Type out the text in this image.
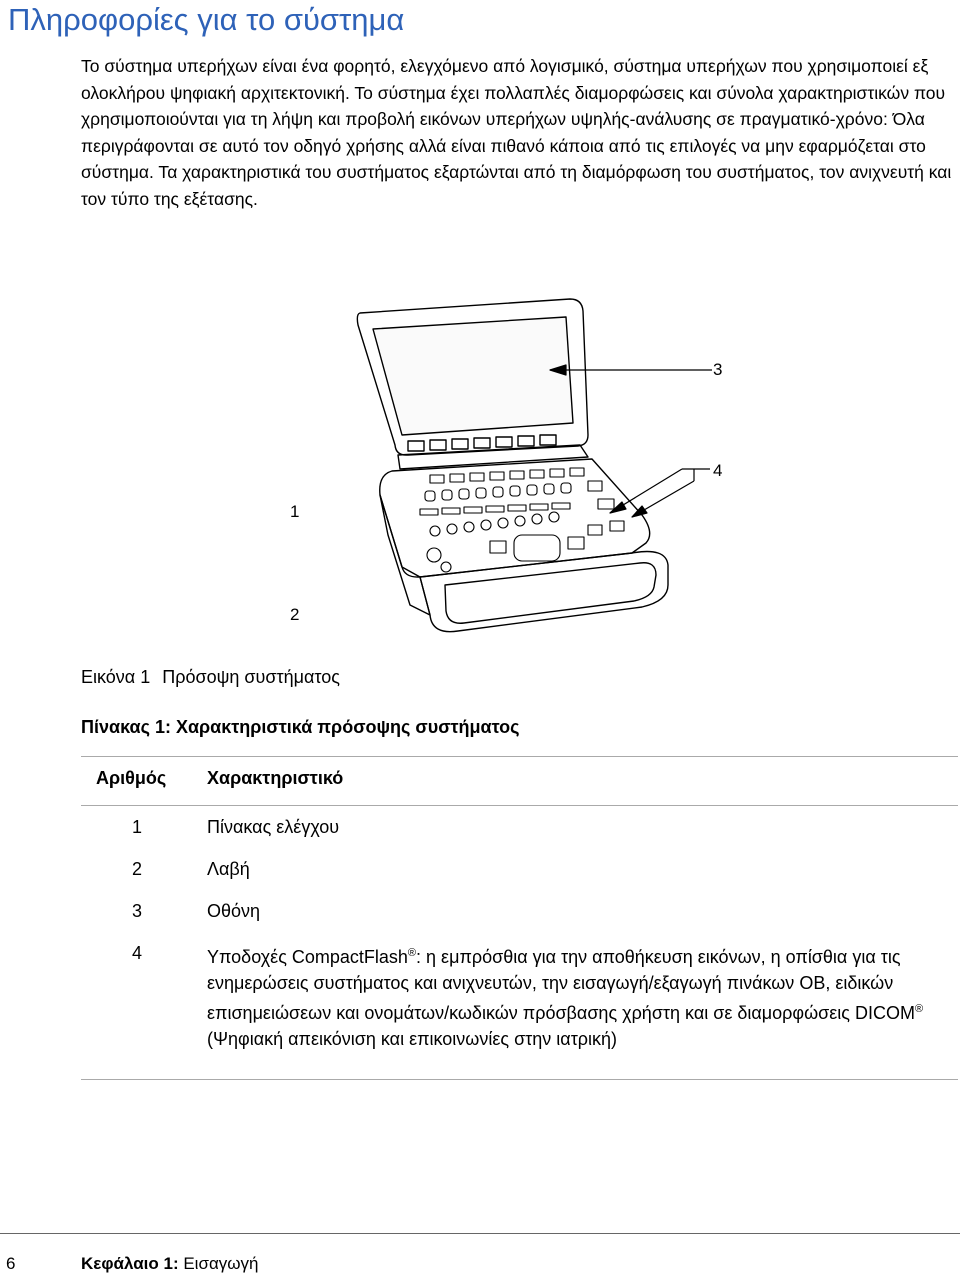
Πληροφορίες για το σύστημα

Το σύστημα υπερήχων είναι ένα φορητό, ελεγχόμενο από λογισμικό, σύστημα υπερήχων που χρησιμοποιεί εξ ολοκλήρου ψηφιακή αρχιτεκτονική. Το σύστημα έχει πολλαπλές διαμορφώσεις και σύνολα χαρακτηριστικών που χρησιμοποιούνται για τη λήψη και προβολή εικόνων υπερήχων υψηλής-ανάλυσης σε πραγματικό-χρόνο: Όλα περιγράφονται σε αυτό τον οδηγό χρήσης αλλά είναι πιθανό κάποια από τις επιλογές να μην εφαρμόζεται στο σύστημα. Τα χαρακτηριστικά του συστήματος εξαρτώνται από τη διαμόρφωση του συστήματος, τον ανιχνευτή και τον τύπο της εξέτασης.

1
2
3
4
Εικόνα 1 Πρόσοψη συστήματος
Πίνακας 1: Χαρακτηριστικά πρόσοψης συστήματος
Αριθμός Χαρακτηριστικό
1	Πίνακας ελέγχου
2	Λαβή
3	Οθόνη
4	Υποδοχές CompactFlash®: η εμπρόσθια για την αποθήκευση εικόνων, η οπίσθια για τις ενημερώσεις συστήματος και ανιχνευτών, την εισαγωγή/εξαγωγή πινάκων OB, ειδικών επισημειώσεων και ονομάτων/κωδικών πρόσβασης χρήστη και σε διαμορφώσεις DICOM® (Ψηφιακή απεικόνιση και επικοινωνίες στην ιατρική)
6	Κεφάλαιο 1: Εισαγωγή
